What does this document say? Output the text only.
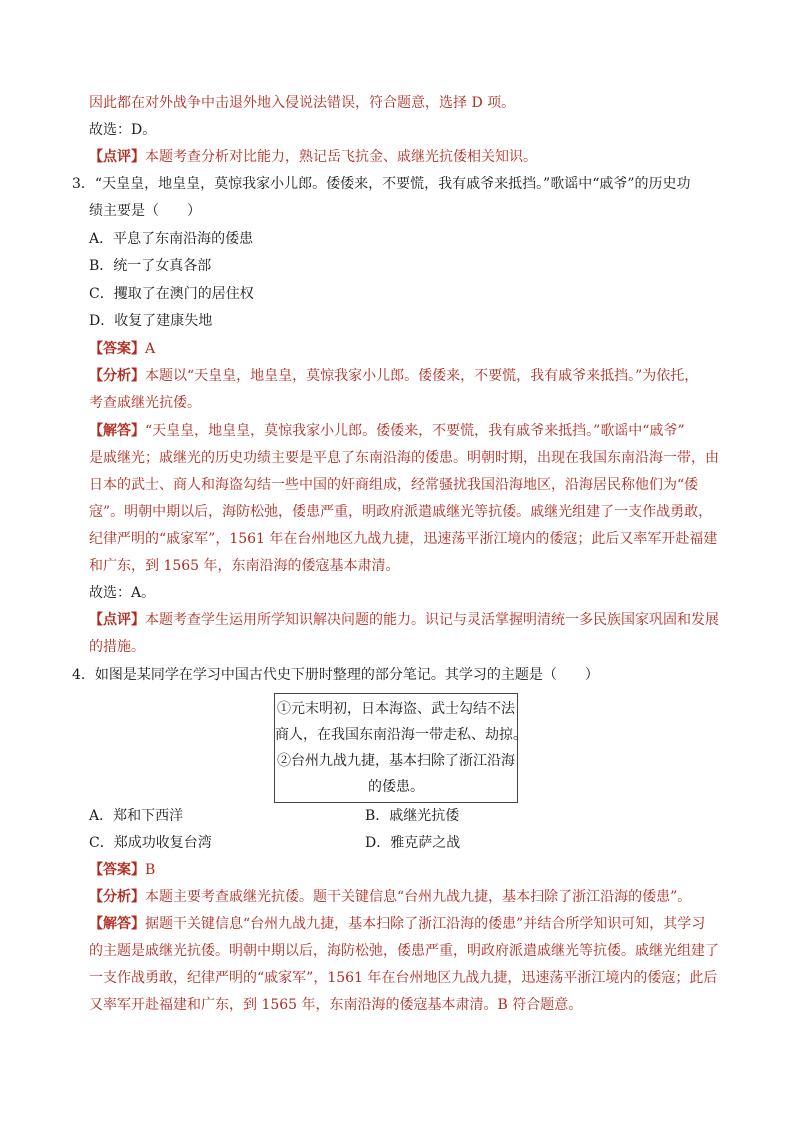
因此都在对外战争中击退外地入侵说法错误，符合题意，选择 D 项。
故选：D。
【点评】本题考查分析对比能力，熟记岳飞抗金、戚继光抗倭相关知识。
3．“天皇皇，地皇皇，莫惊我家小儿郎。倭倭来，不要慌，我有戚爷来抵挡。”歌谣中“戚爷”的历史功
绩主要是（　　）
A．平息了东南沿海的倭患
B．统一了女真各部
C．攫取了在澳门的居住权
D．收复了建康失地
【答案】A
【分析】本题以“天皇皇，地皇皇，莫惊我家小儿郎。倭倭来，不要慌，我有戚爷来抵挡。”为依托，
考查戚继光抗倭。
【解答】“天皇皇，地皇皇，莫惊我家小儿郎。倭倭来，不要慌，我有戚爷来抵挡。”歌谣中“戚爷”
是戚继光；戚继光的历史功绩主要是平息了东南沿海的倭患。明朝时期，出现在我国东南沿海一带，由
日本的武士、商人和海盗勾结一些中国的奸商组成，经常骚扰我国沿海地区，沿海居民称他们为“倭
寇”。明朝中期以后，海防松弛，倭患严重，明政府派遣戚继光等抗倭。戚继光组建了一支作战勇敢，
纪律严明的“戚家军”，1561 年在台州地区九战九捷，迅速荡平浙江境内的倭寇；此后又率军开赴福建
和广东，到 1565 年，东南沿海的倭寇基本肃清。
故选：A。
【点评】本题考查学生运用所学知识解决问题的能力。识记与灵活掌握明清统一多民族国家巩固和发展
的措施。
4．如图是某同学在学习中国古代史下册时整理的部分笔记。其学习的主题是（　　）
①元末明初，日本海盗、武士勾结不法
商人，在我国东南沿海一带走私、劫掠。
②台州九战九捷，基本扫除了浙江沿海
的倭患。
A．郑和下西洋	B．戚继光抗倭
C．郑成功收复台湾	D．雅克萨之战
【答案】B
【分析】本题主要考查戚继光抗倭。题干关键信息“台州九战九捷，基本扫除了浙江沿海的倭患”。
【解答】据题干关键信息“台州九战九捷，基本扫除了浙江沿海的倭患”并结合所学知识可知，其学习
的主题是戚继光抗倭。明朝中期以后，海防松弛，倭患严重，明政府派遣戚继光等抗倭。戚继光组建了
一支作战勇敢，纪律严明的“戚家军”，1561 年在台州地区九战九捷，迅速荡平浙江境内的倭寇；此后
又率军开赴福建和广东，到 1565 年，东南沿海的倭寇基本肃清。B 符合题意。
